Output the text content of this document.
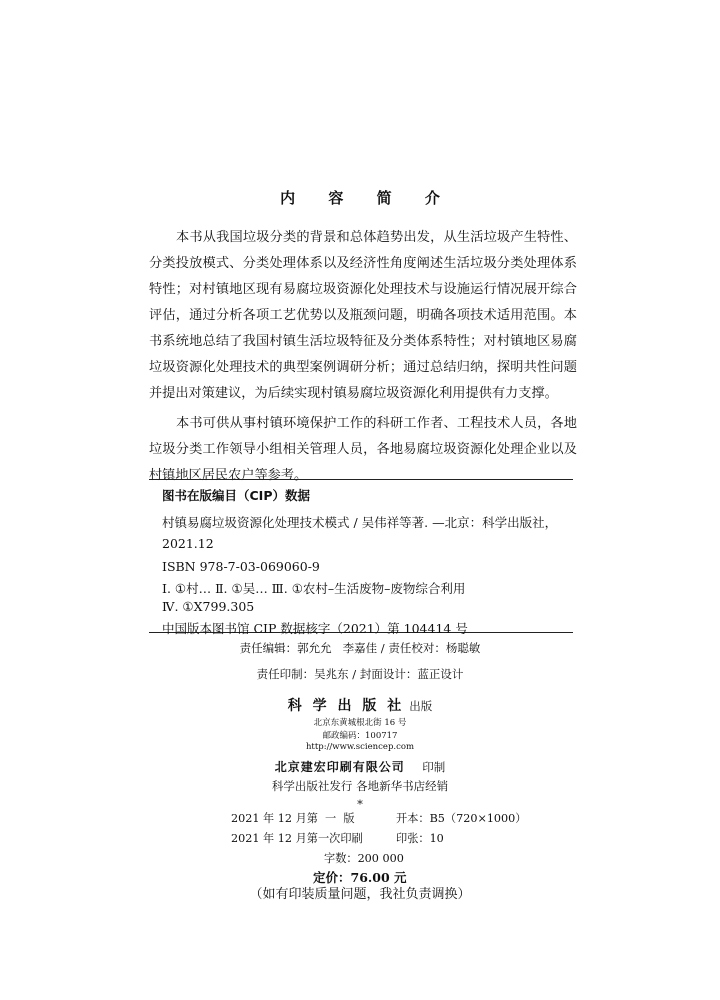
内 容 简 介

本书从我国垃圾分类的背景和总体趋势出发，从生活垃圾产生特性、分类投放模式、分类处理体系以及经济性角度阐述生活垃圾分类处理体系特性；对村镇地区现有易腐垃圾资源化处理技术与设施运行情况展开综合评估，通过分析各项工艺优势以及瓶颈问题，明确各项技术适用范围。本书系统地总结了我国村镇生活垃圾特征及分类体系特性；对村镇地区易腐垃圾资源化处理技术的典型案例调研分析；通过总结归纳，探明共性问题并提出对策建议，为后续实现村镇易腐垃圾资源化利用提供有力支撑。

本书可供从事村镇环境保护工作的科研工作者、工程技术人员，各地垃圾分类工作领导小组相关管理人员，各地易腐垃圾资源化处理企业以及村镇地区居民农户等参考。

图书在版编目（CIP）数据
村镇易腐垃圾资源化处理技术模式 / 吴伟祥等著. —北京：科学出版社，
2021.12
ISBN 978-7-03-069060-9
Ⅰ. ①村… Ⅱ. ①吴… Ⅲ. ①农村–生活废物–废物综合利用
Ⅳ. ①X799.305
中国版本图书馆 CIP 数据核字（2021）第 104414 号
责任编辑：郭允允   李嘉佳 / 责任校对：杨聪敏
责任印制：吴兆东 / 封面设计：蓝正设计
科 学 出 版 社 出版
北京东黄城根北街 16 号
邮政编码：100717
http://www.sciencep.com
北京建宏印刷有限公司 印制
科学出版社发行 各地新华书店经销
*
2021 年 12 月第  一  版	开本：B5（720×1000）
2021 年 12 月第一次印刷	印张：10
字数：200 000
定价：76.00 元
（如有印装质量问题，我社负责调换）
